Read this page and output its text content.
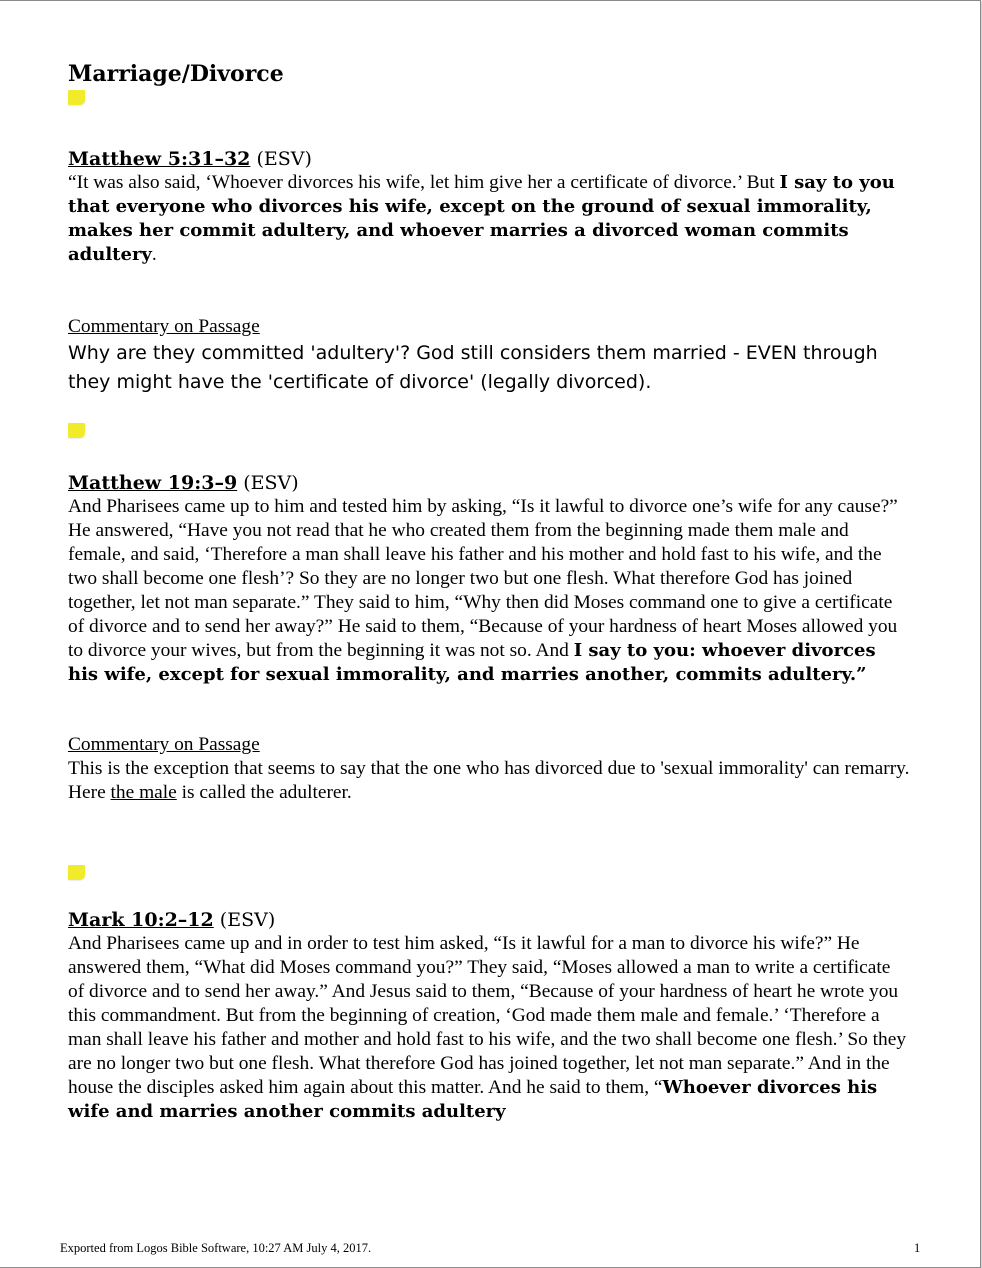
Marriage/Divorce

Matthew 5:31–32 (ESV)

“It was also said, ‘Whoever divorces his wife, let him give her a certificate of divorce.’ But I say to you that everyone who divorces his wife, except on the ground of sexual immorality, makes her commit adultery, and whoever marries a divorced woman commits adultery.

Commentary on Passage

Why are they committed 'adultery'? God still considers them married - EVEN through they might have the 'certificate of divorce' (legally divorced).

Matthew 19:3–9 (ESV)

And Pharisees came up to him and tested him by asking, “Is it lawful to divorce one’s wife for any cause?” He answered, “Have you not read that he who created them from the beginning made them male and female, and said, ‘Therefore a man shall leave his father and his mother and hold fast to his wife, and the two shall become one flesh’? So they are no longer two but one flesh. What therefore God has joined together, let not man separate.” They said to him, “Why then did Moses command one to give a certificate of divorce and to send her away?” He said to them, “Because of your hardness of heart Moses allowed you to divorce your wives, but from the beginning it was not so. And I say to you: whoever divorces his wife, except for sexual immorality, and marries another, commits adultery.”

Commentary on Passage

This is the exception that seems to say that the one who has divorced due to 'sexual immorality' can remarry. Here the male is called the adulterer.

Mark 10:2–12 (ESV)

And Pharisees came up and in order to test him asked, “Is it lawful for a man to divorce his wife?” He answered them, “What did Moses command you?” They said, “Moses allowed a man to write a certificate of divorce and to send her away.” And Jesus said to them, “Because of your hardness of heart he wrote you this commandment. But from the beginning of creation, ‘God made them male and female.’ ‘Therefore a man shall leave his father and mother and hold fast to his wife, and the two shall become one flesh.’ So they are no longer two but one flesh. What therefore God has joined together, let not man separate.” And in the house the disciples asked him again about this matter. And he said to them, “Whoever divorces his wife and marries another commits adultery

Exported from Logos Bible Software, 10:27 AM July 4, 2017.	1
